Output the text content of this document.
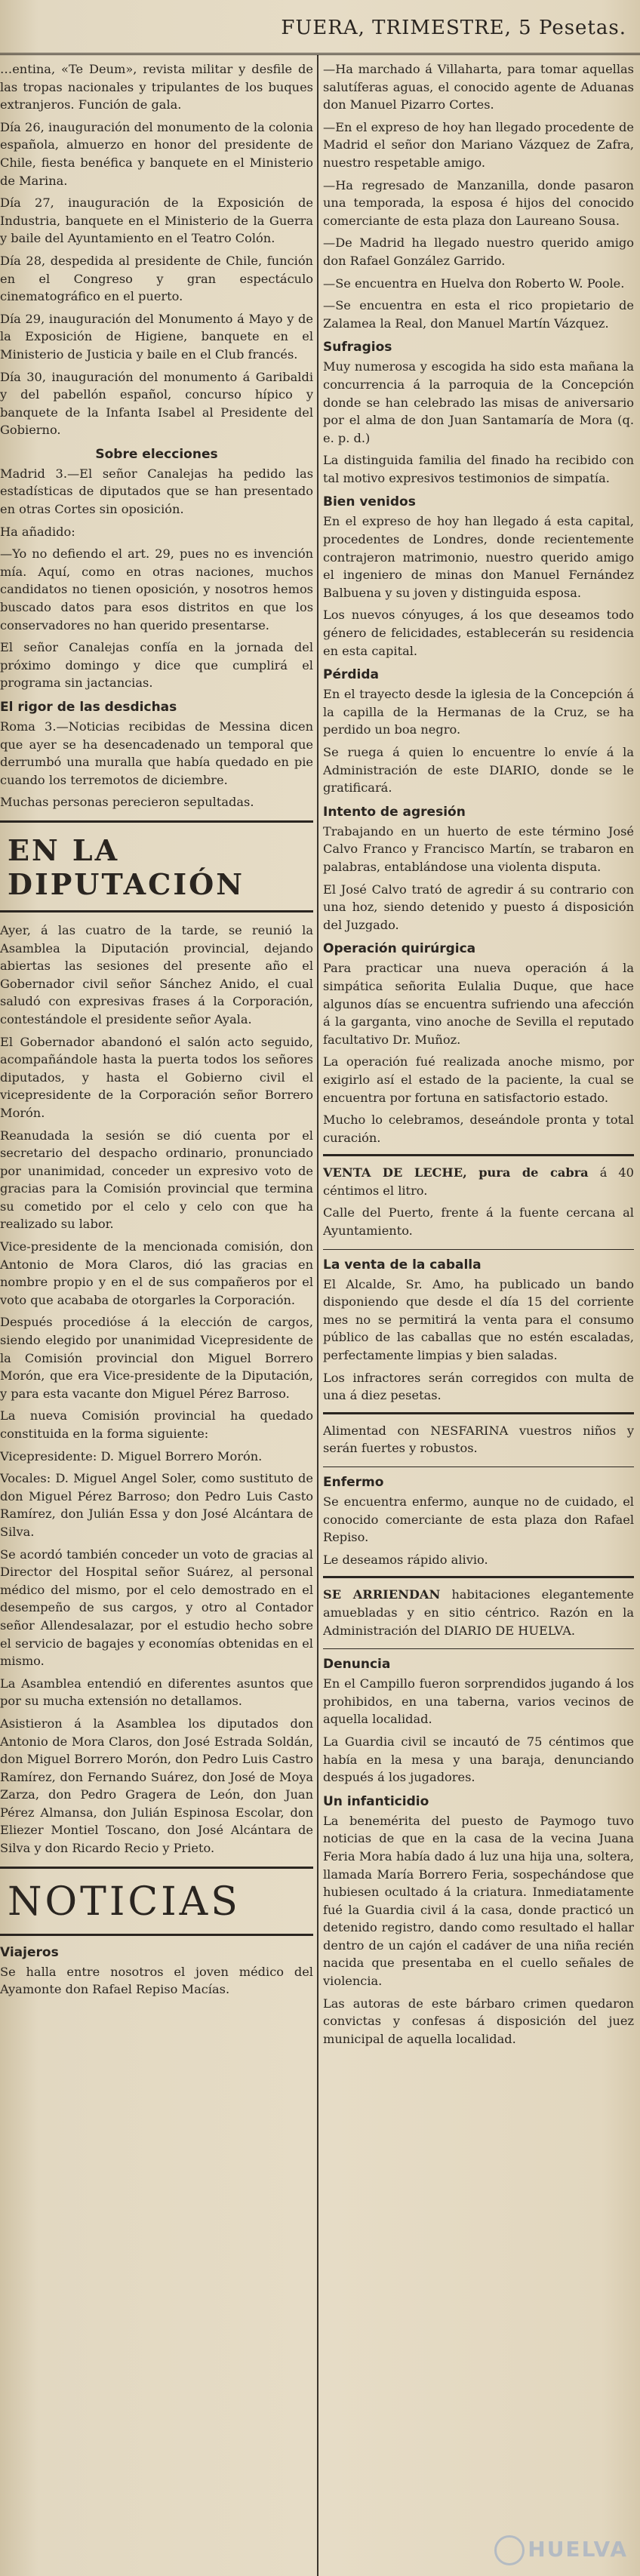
FUERA, TRIMESTRE, 5 Pesetas.

…entina, «Te Deum», revista militar y desfile de las tropas nacionales y tripulantes de los buques extranjeros. Función de gala.

Día 26, inauguración del monumento de la colonia española, almuerzo en honor del presidente de Chile, fiesta benéfica y banquete en el Ministerio de Marina.

Día 27, inauguración de la Exposición de Industria, banquete en el Ministerio de la Guerra y baile del Ayuntamiento en el Teatro Colón.

Día 28, despedida al presidente de Chile, función en el Congreso y gran espectáculo cinematográfico en el puerto.

Día 29, inauguración del Monumento á Mayo y de la Exposición de Higiene, banquete en el Ministerio de Justicia y baile en el Club francés.

Día 30, inauguración del monumento á Garibaldi y del pabellón español, concurso hípico y banquete de la Infanta Isabel al Presidente del Gobierno.

Sobre elecciones

Madrid 3.—El señor Canalejas ha pedido las estadísticas de diputados que se han presentado en otras Cortes sin oposición.

Ha añadido:

—Yo no defiendo el art. 29, pues no es invención mía. Aquí, como en otras naciones, muchos candidatos no tienen oposición, y nosotros hemos buscado datos para esos distritos en que los conservadores no han querido presentarse.

El señor Canalejas confía en la jornada del próximo domingo y dice que cumplirá el programa sin jactancias.

El rigor de las desdichas

Roma 3.—Noticias recibidas de Messina dicen que ayer se ha desencadenado un temporal que derrumbó una muralla que había quedado en pie cuando los terremotos de diciembre.

Muchas personas perecieron sepultadas.

EN LA DIPUTACIÓN

Ayer, á las cuatro de la tarde, se reunió la Asamblea la Diputación provincial, dejando abiertas las sesiones del presente año el Gobernador civil señor Sánchez Anido, el cual saludó con expresivas frases á la Corporación, contestándole el presidente señor Ayala.

El Gobernador abandonó el salón acto seguido, acompañándole hasta la puerta todos los señores diputados, y hasta el Gobierno civil el vicepresidente de la Corporación señor Borrero Morón.

Reanudada la sesión se dió cuenta por el secretario del despacho ordinario, pronunciado por unanimidad, conceder un expresivo voto de gracias para la Comisión provincial que termina su cometido por el celo y celo con que ha realizado su labor.

Vice-presidente de la mencionada comisión, don Antonio de Mora Claros, dió las gracias en nombre propio y en el de sus compañeros por el voto que acababa de otorgarles la Corporación.

Después procedióse á la elección de cargos, siendo elegido por unanimidad Vicepresidente de la Comisión provincial don Miguel Borrero Morón, que era Vice-presidente de la Diputación, y para esta vacante don Miguel Pérez Barroso.

La nueva Comisión provincial ha quedado constituida en la forma siguiente:

Vicepresidente: D. Miguel Borrero Morón.

Vocales: D. Miguel Angel Soler, como sustituto de don Miguel Pérez Barroso; don Pedro Luis Casto Ramírez, don Julián Essa y don José Alcántara de Silva.

Se acordó también conceder un voto de gracias al Director del Hospital señor Suárez, al personal médico del mismo, por el celo demostrado en el desempeño de sus cargos, y otro al Contador señor Allendesalazar, por el estudio hecho sobre el servicio de bagajes y economías obtenidas en el mismo.

La Asamblea entendió en diferentes asuntos que por su mucha extensión no detallamos.

Asistieron á la Asamblea los diputados don Antonio de Mora Claros, don José Estrada Soldán, don Miguel Borrero Morón, don Pedro Luis Castro Ramírez, don Fernando Suárez, don José de Moya Zarza, don Pedro Gragera de León, don Juan Pérez Almansa, don Julián Espinosa Escolar, don Eliezer Montiel Toscano, don José Alcántara de Silva y don Ricardo Recio y Prieto.

NOTICIAS
Viajeros

Se halla entre nosotros el joven médico del Ayamonte don Rafael Repiso Macías.

—Ha marchado á Villaharta, para tomar aquellas salutíferas aguas, el conocido agente de Aduanas don Manuel Pizarro Cortes.

—En el expreso de hoy han llegado procedente de Madrid el señor don Mariano Vázquez de Zafra, nuestro respetable amigo.

—Ha regresado de Manzanilla, donde pasaron una temporada, la esposa é hijos del conocido comerciante de esta plaza don Laureano Sousa.

—De Madrid ha llegado nuestro querido amigo don Rafael González Garrido.

—Se encuentra en Huelva don Roberto W. Poole.

—Se encuentra en esta el rico propietario de Zalamea la Real, don Manuel Martín Vázquez.

Sufragios

Muy numerosa y escogida ha sido esta mañana la concurrencia á la parroquia de la Concepción donde se han celebrado las misas de aniversario por el alma de don Juan Santamaría de Mora (q. e. p. d.)

La distinguida familia del finado ha recibido con tal motivo expresivos testimonios de simpatía.

Bien venidos

En el expreso de hoy han llegado á esta capital, procedentes de Londres, donde recientemente contrajeron matrimonio, nuestro querido amigo el ingeniero de minas don Manuel Fernández Balbuena y su joven y distinguida esposa.

Los nuevos cónyuges, á los que deseamos todo género de felicidades, establecerán su residencia en esta capital.

Pérdida

En el trayecto desde la iglesia de la Concepción á la capilla de la Hermanas de la Cruz, se ha perdido un boa negro.

Se ruega á quien lo encuentre lo envíe á la Administración de este DIARIO, donde se le gratificará.

Intento de agresión

Trabajando en un huerto de este término José Calvo Franco y Francisco Martín, se trabaron en palabras, entablándose una violenta disputa.

El José Calvo trató de agredir á su contrario con una hoz, siendo detenido y puesto á disposición del Juzgado.

Operación quirúrgica

Para practicar una nueva operación á la simpática señorita Eulalia Duque, que hace algunos días se encuentra sufriendo una afección á la garganta, vino anoche de Sevilla el reputado facultativo Dr. Muñoz.

La operación fué realizada anoche mismo, por exigirlo así el estado de la paciente, la cual se encuentra por fortuna en satisfactorio estado.

Mucho lo celebramos, deseándole pronta y total curación.

VENTA DE LECHE, pura de cabra á 40 céntimos el litro.

Calle del Puerto, frente á la fuente cercana al Ayuntamiento.

La venta de la caballa

El Alcalde, Sr. Amo, ha publicado un bando disponiendo que desde el día 15 del corriente mes no se permitirá la venta para el consumo público de las caballas que no estén escaladas, perfectamente limpias y bien saladas.

Los infractores serán corregidos con multa de una á diez pesetas.

Alimentad con NESFARINA vuestros niños y serán fuertes y robustos.

Enfermo

Se encuentra enfermo, aunque no de cuidado, el conocido comerciante de esta plaza don Rafael Repiso.

Le deseamos rápido alivio.

SE ARRIENDAN habitaciones elegantemente amuebladas y en sitio céntrico. Razón en la Administración del DIARIO DE HUELVA.

Denuncia

En el Campillo fueron sorprendidos jugando á los prohibidos, en una taberna, varios vecinos de aquella localidad.

La Guardia civil se incautó de 75 céntimos que había en la mesa y una baraja, denunciando después á los jugadores.

Un infanticidio

La benemérita del puesto de Paymogo tuvo noticias de que en la casa de la vecina Juana Feria Mora había dado á luz una hija una, soltera, llamada María Borrero Feria, sospechándose que hubiesen ocultado á la criatura. Inmediatamente fué la Guardia civil á la casa, donde practicó un detenido registro, dando como resultado el hallar dentro de un cajón el cadáver de una niña recién nacida que presentaba en el cuello señales de violencia.

Las autoras de este bárbaro crimen quedaron convictas y confesas á disposición del juez municipal de aquella localidad.

HUELVA
